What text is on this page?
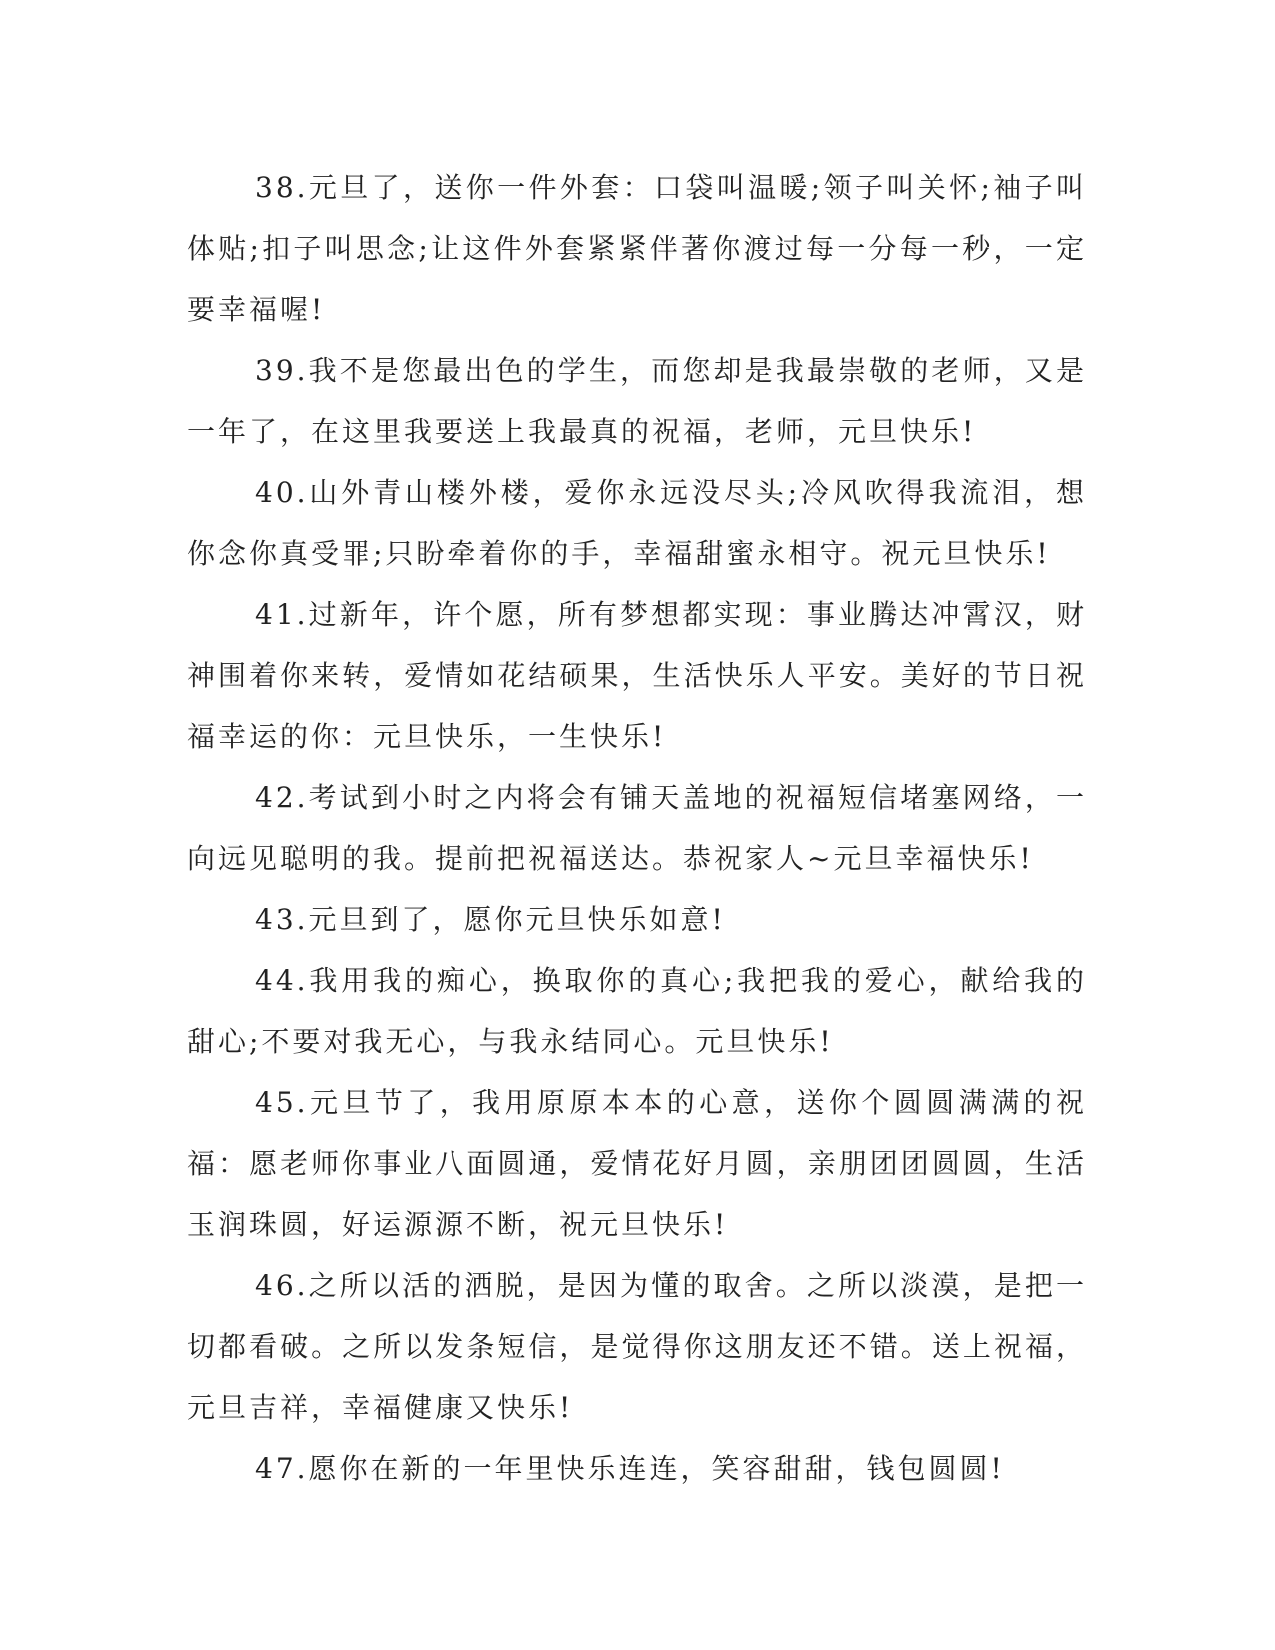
38.元旦了，送你一件外套：口袋叫温暖;领子叫关怀;袖子叫体贴;扣子叫思念;让这件外套紧紧伴著你渡过每一分每一秒，一定要幸福喔!

39.我不是您最出色的学生，而您却是我最崇敬的老师，又是一年了，在这里我要送上我最真的祝福，老师，元旦快乐!

40.山外青山楼外楼，爱你永远没尽头;冷风吹得我流泪，想你念你真受罪;只盼牵着你的手，幸福甜蜜永相守。祝元旦快乐!

41.过新年，许个愿，所有梦想都实现：事业腾达冲霄汉，财神围着你来转，爱情如花结硕果，生活快乐人平安。美好的节日祝福幸运的你：元旦快乐，一生快乐!

42.考试到小时之内将会有铺天盖地的祝福短信堵塞网络，一向远见聪明的我。提前把祝福送达。恭祝家人~元旦幸福快乐!

43.元旦到了，愿你元旦快乐如意!

44.我用我的痴心，换取你的真心;我把我的爱心，献给我的甜心;不要对我无心，与我永结同心。元旦快乐!

45.元旦节了，我用原原本本的心意，送你个圆圆满满的祝福：愿老师你事业八面圆通，爱情花好月圆，亲朋团团圆圆，生活玉润珠圆，好运源源不断，祝元旦快乐!

46.之所以活的洒脱，是因为懂的取舍。之所以淡漠，是把一切都看破。之所以发条短信，是觉得你这朋友还不错。送上祝福，元旦吉祥，幸福健康又快乐!

47.愿你在新的一年里快乐连连，笑容甜甜，钱包圆圆!
